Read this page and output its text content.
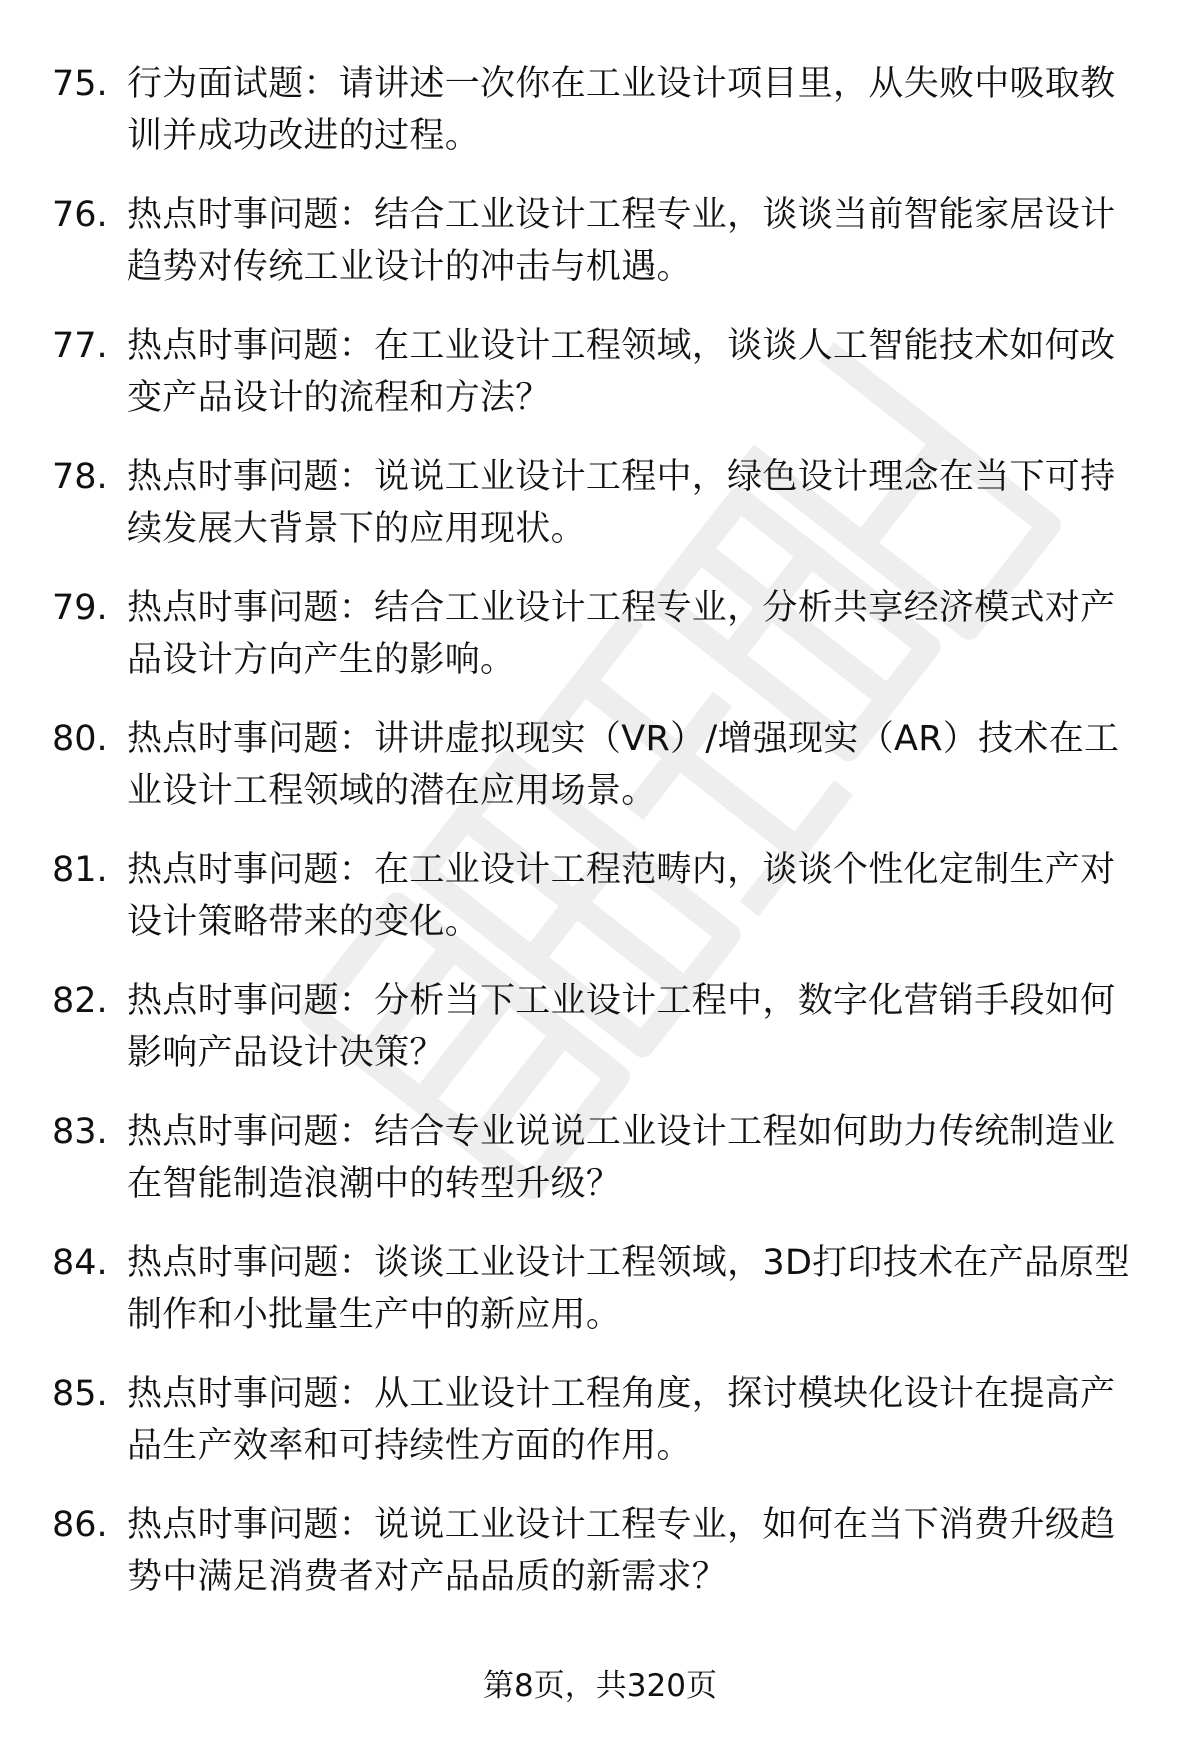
75. 行为面试题：请讲述一次你在工业设计项目里，从失败中吸取教训并成功改进的过程。
76. 热点时事问题：结合工业设计工程专业，谈谈当前智能家居设计趋势对传统工业设计的冲击与机遇。
77. 热点时事问题：在工业设计工程领域，谈谈人工智能技术如何改变产品设计的流程和方法？
78. 热点时事问题：说说工业设计工程中，绿色设计理念在当下可持续发展大背景下的应用现状。
79. 热点时事问题：结合工业设计工程专业，分析共享经济模式对产品设计方向产生的影响。
80. 热点时事问题：讲讲虚拟现实（VR）/增强现实（AR）技术在工业设计工程领域的潜在应用场景。
81. 热点时事问题：在工业设计工程范畴内，谈谈个性化定制生产对设计策略带来的变化。
82. 热点时事问题：分析当下工业设计工程中，数字化营销手段如何影响产品设计决策？
83. 热点时事问题：结合专业说说工业设计工程如何助力传统制造业在智能制造浪潮中的转型升级？
84. 热点时事问题：谈谈工业设计工程领域，3D打印技术在产品原型制作和小批量生产中的新应用。
85. 热点时事问题：从工业设计工程角度，探讨模块化设计在提高产品生产效率和可持续性方面的作用。
86. 热点时事问题：说说工业设计工程专业，如何在当下消费升级趋势中满足消费者对产品品质的新需求？
第8页，共320页
